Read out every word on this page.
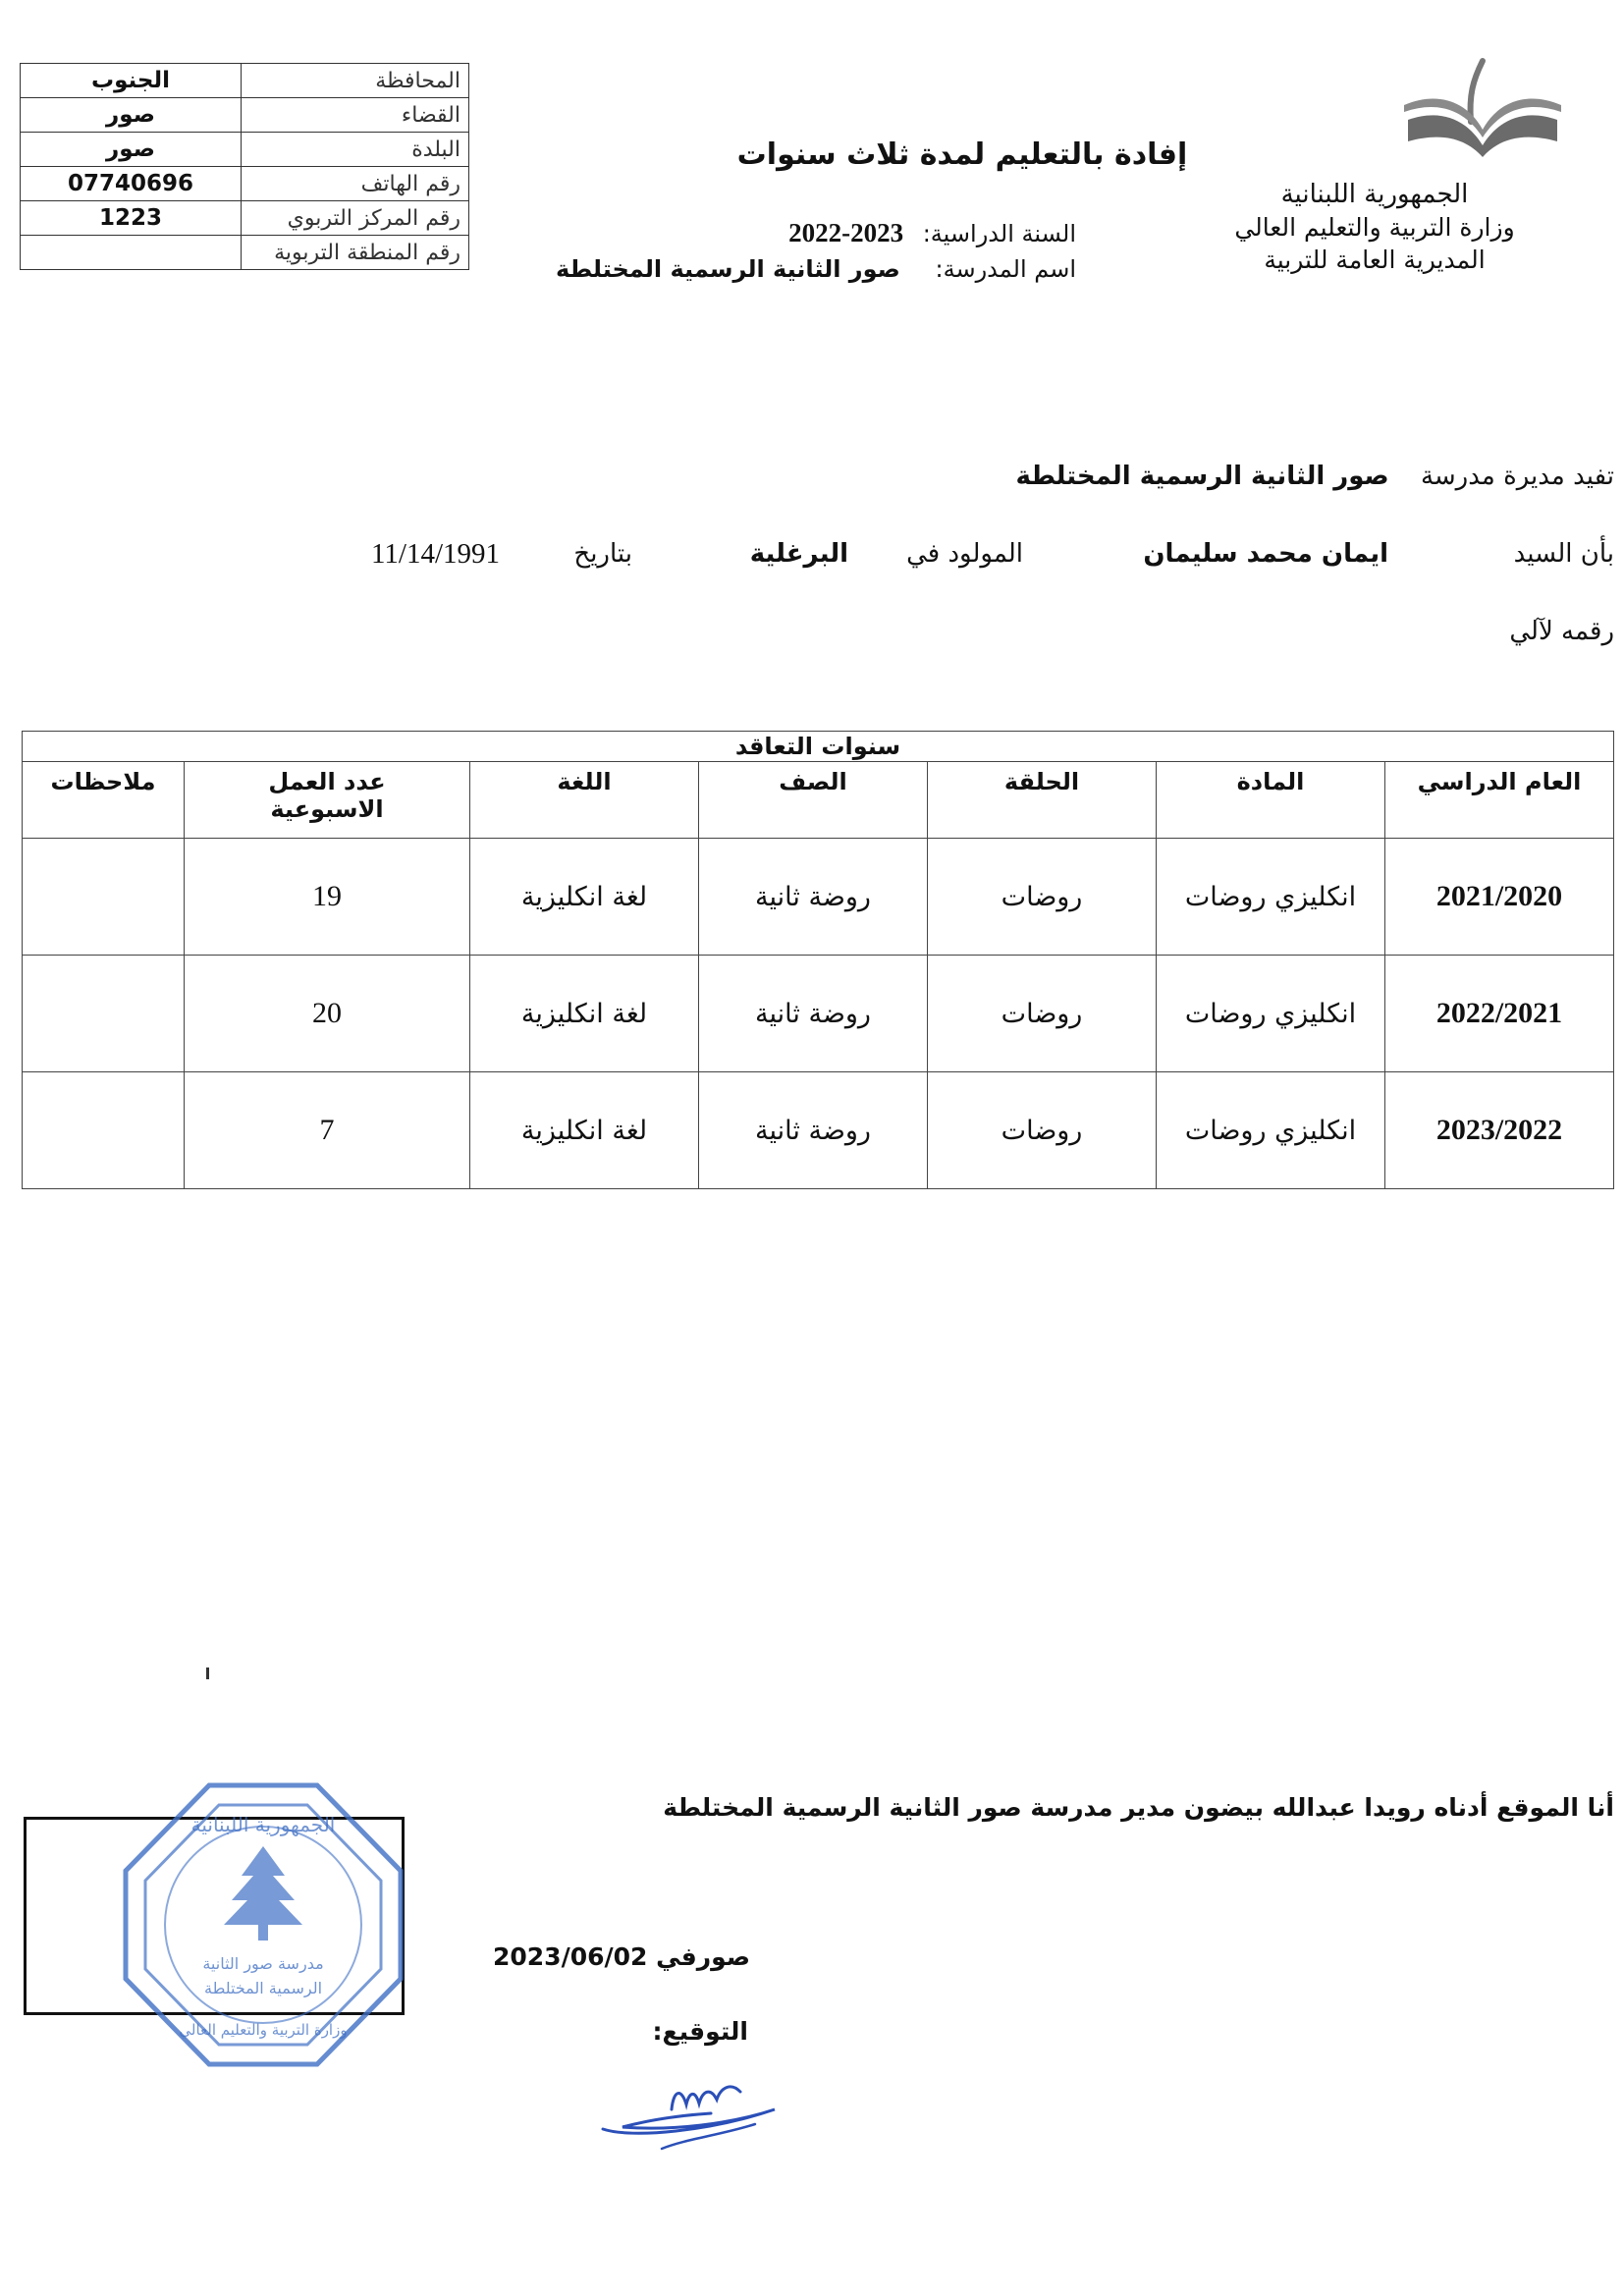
المحافظة	الجنوب
القضاء	صور
البلدة	صور
رقم الهاتف	07740696
رقم المركز التربوي	1223
رقم المنطقة التربوية	
الجمهورية اللبنانية
وزارة التربية والتعليم العالي
المديرية العامة للتربية
إفادة بالتعليم لمدة ثلاث سنوات
السنة الدراسية: 2022-2023
اسم المدرسة: صور الثانية الرسمية المختلطة
تفيد مديرة مدرسة صور الثانية الرسمية المختلطة
بأن السيد
ايمان محمد سليمان
المولود في
البرغلية
بتاريخ
11/14/1991
رقمه لآلي
سنوات التعاقد						
العام الدراسي	المادة	الحلقة	الصف	اللغة	عدد العمل الاسبوعية	ملاحظات
2021/2020	انكليزي روضات	روضات	روضة ثانية	لغة انكليزية	19	
2022/2021	انكليزي روضات	روضات	روضة ثانية	لغة انكليزية	20	
2023/2022	انكليزي روضات	روضات	روضة ثانية	لغة انكليزية	7	
أنا الموقع أدناه رويدا عبدالله بيضون مدير مدرسة صور الثانية الرسمية المختلطة
مدرسة صور الثانية
الرسمية المختلطة
الجمهورية اللبنانية
وزارة التربية والتعليم العالي
صورفي 2023/06/02
التوقيع:
